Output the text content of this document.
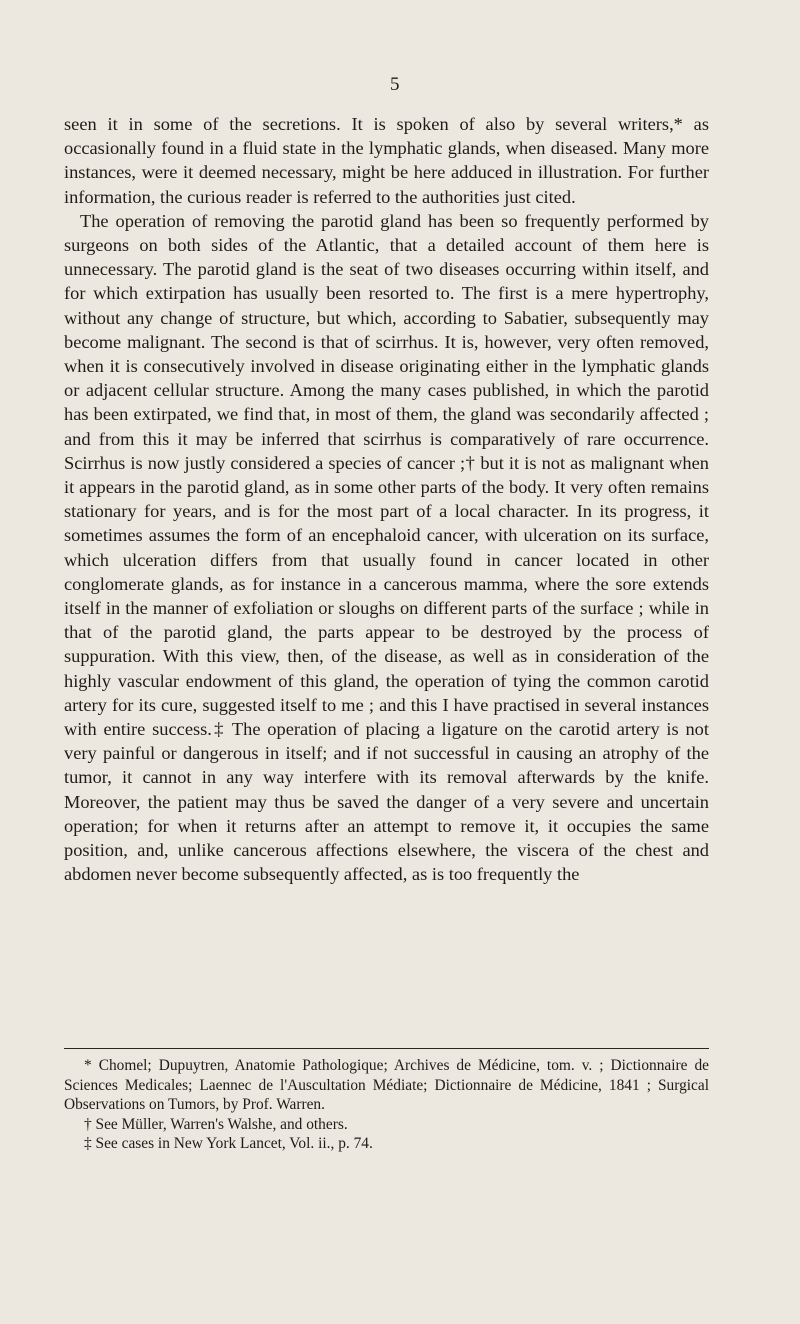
5

seen it in some of the secretions. It is spoken of also by several writers,* as occasionally found in a fluid state in the lymphatic glands, when diseased. Many more instances, were it deemed necessary, might be here adduced in illustration. For further information, the curious reader is referred to the authorities just cited.

The operation of removing the parotid gland has been so frequently performed by surgeons on both sides of the Atlantic, that a detailed account of them here is unnecessary. The parotid gland is the seat of two diseases occurring within itself, and for which extirpation has usually been resorted to. The first is a mere hypertrophy, without any change of structure, but which, according to Sabatier, subsequently may become malignant. The second is that of scirrhus. It is, however, very often removed, when it is consecutively involved in disease originating either in the lymphatic glands or adjacent cellular structure. Among the many cases published, in which the parotid has been extirpated, we find that, in most of them, the gland was secondarily affected ; and from this it may be inferred that scirrhus is comparatively of rare occurrence. Scirrhus is now justly considered a species of cancer ;† but it is not as malignant when it appears in the parotid gland, as in some other parts of the body. It very often remains stationary for years, and is for the most part of a local character. In its progress, it sometimes assumes the form of an encephaloid cancer, with ulceration on its surface, which ulceration differs from that usually found in cancer located in other conglomerate glands, as for instance in a cancerous mamma, where the sore extends itself in the manner of exfoliation or sloughs on different parts of the surface ; while in that of the parotid gland, the parts appear to be destroyed by the process of suppuration. With this view, then, of the disease, as well as in consideration of the highly vascular endowment of this gland, the operation of tying the common carotid artery for its cure, suggested itself to me ; and this I have practised in several instances with entire success.‡ The operation of placing a ligature on the carotid artery is not very painful or dangerous in itself; and if not successful in causing an atrophy of the tumor, it cannot in any way interfere with its removal afterwards by the knife. Moreover, the patient may thus be saved the danger of a very severe and uncertain operation; for when it returns after an attempt to remove it, it occupies the same position, and, unlike cancerous affections elsewhere, the viscera of the chest and abdomen never become subsequently affected, as is too frequently the

* Chomel; Dupuytren, Anatomie Pathologique; Archives de Médicine, tom. v. ; Dictionnaire de Sciences Medicales; Laennec de l'Auscultation Médiate; Dictionnaire de Médicine, 1841 ; Surgical Observations on Tumors, by Prof. Warren.

† See Müller, Warren's Walshe, and others.

‡ See cases in New York Lancet, Vol. ii., p. 74.
